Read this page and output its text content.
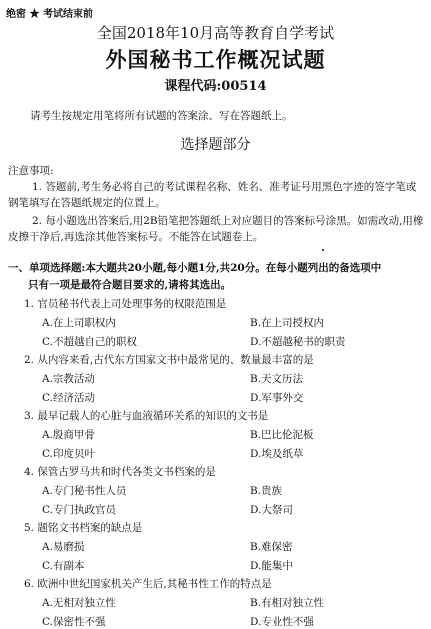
绝密 ★ 考试结束前
全国2018年10月高等教育自学考试
外国秘书工作概况试题
课程代码:00514
请考生按规定用笔将所有试题的答案涂、写在答题纸上。
选择题部分
注意事项:
1. 答题前,考生务必将自己的考试课程名称、姓名、准考证号用黑色字迹的签字笔或钢笔填写在答题纸规定的位置上。
2. 每小题选出答案后,用2B铅笔把答题纸上对应题目的答案标号涂黑。如需改动,用橡皮擦干净后,再选涂其他答案标号。不能答在试题卷上。
一、单项选择题:本大题共20小题,每小题1分,共20分。在每小题列出的备选项中
只有一项是最符合题目要求的,请将其选出。
1. 官员秘书代表上司处理事务的权限范围是
A.在上司职权内	B.在上司授权内
C.不超越自己的职权	D.不超越秘书的职责
2. 从内容来看,古代东方国家文书中最常见的、数量最丰富的是
A.宗教活动	B.天文历法
C.经济活动	D.军事外交
3. 最早记载人的心脏与血液循环关系的知识的文书是
A.殷商甲骨	B.巴比伦泥板
C.印度贝叶	D.埃及纸草
4. 保管古罗马共和时代各类文书档案的是
A.专门秘书性人员	B.贵族
C.专门执政官员	D.大祭司
5. 题铭文书档案的缺点是
A.易磨损	B.难保密
C.有副本	D.能集中
6. 欧洲中世纪国家机关产生后,其秘书性工作的特点是
A.无相对独立性	B.有相对独立性
C.保密性不强	D.专业性不强
